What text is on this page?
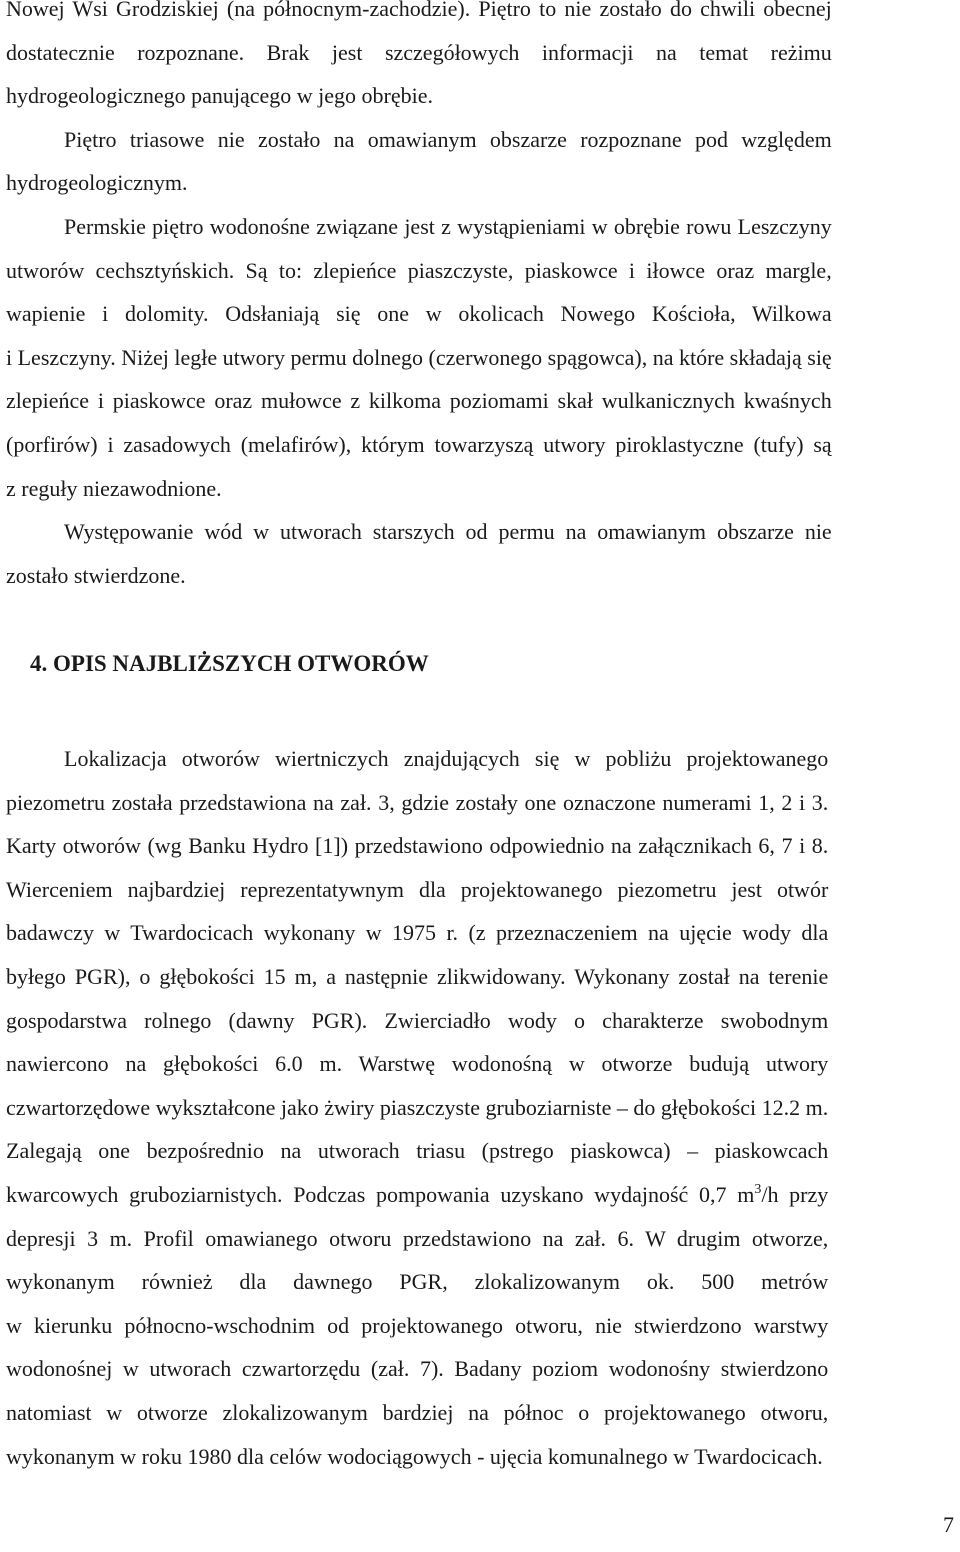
Nowej Wsi Grodziskiej (na północnym-zachodzie). Piętro to nie zostało do chwili obecnej
dostatecznie rozpoznane. Brak jest szczegółowych informacji na temat reżimu
hydrogeologicznego panującego w jego obrębie.

Piętro triasowe nie zostało na omawianym obszarze rozpoznane pod względem
hydrogeologicznym.

Permskie piętro wodonośne związane jest z wystąpieniami w obrębie rowu Leszczyny
utworów cechsztyńskich. Są to: zlepieńce piaszczyste, piaskowce i iłowce oraz margle,
wapienie i dolomity. Odsłaniają się one w okolicach Nowego Kościoła, Wilkowa
i Leszczyny. Niżej ległe utwory permu dolnego (czerwonego spągowca), na które składają się
zlepieńce i piaskowce oraz mułowce z kilkoma poziomami skał wulkanicznych kwaśnych
(porfirów) i zasadowych (melafirów), którym towarzyszą utwory piroklastyczne (tufy) są
z reguły niezawodnione.

Występowanie wód w utworach starszych od permu na omawianym obszarze nie
zostało stwierdzone.

4. OPIS NAJBLIŻSZYCH OTWORÓW

Lokalizacja otworów wiertniczych znajdujących się w pobliżu projektowanego
piezometru została przedstawiona na zał. 3, gdzie zostały one oznaczone numerami 1, 2 i 3.
Karty otworów (wg Banku Hydro [1]) przedstawiono odpowiednio na załącznikach 6, 7 i 8.
Wierceniem najbardziej reprezentatywnym dla projektowanego piezometru jest otwór
badawczy w Twardocicach wykonany w 1975 r. (z przeznaczeniem na ujęcie wody dla
byłego PGR), o głębokości 15 m, a następnie zlikwidowany. Wykonany został na terenie
gospodarstwa rolnego (dawny PGR). Zwierciadło wody o charakterze swobodnym
nawiercono na głębokości 6.0 m. Warstwę wodonośną w otworze budują utwory
czwartorzędowe wykształcone jako żwiry piaszczyste gruboziarniste – do głębokości 12.2 m.
Zalegają one bezpośrednio na utworach triasu (pstrego piaskowca) – piaskowcach
kwarcowych gruboziarnistych. Podczas pompowania uzyskano wydajność 0,7 $m^3/h$ przy
depresji 3 m. Profil omawianego otworu przedstawiono na zał. 6. W drugim otworze,
wykonanym również dla dawnego PGR, zlokalizowanym ok. 500 metrów
w kierunku północno-wschodnim od projektowanego otworu, nie stwierdzono warstwy
wodonośnej w utworach czwartorzędu (zał. 7). Badany poziom wodonośny stwierdzono
natomiast w otworze zlokalizowanym bardziej na północ o projektowanego otworu,
wykonanym w roku 1980 dla celów wodociągowych - ujęcia komunalnego w Twardocicach.

7
